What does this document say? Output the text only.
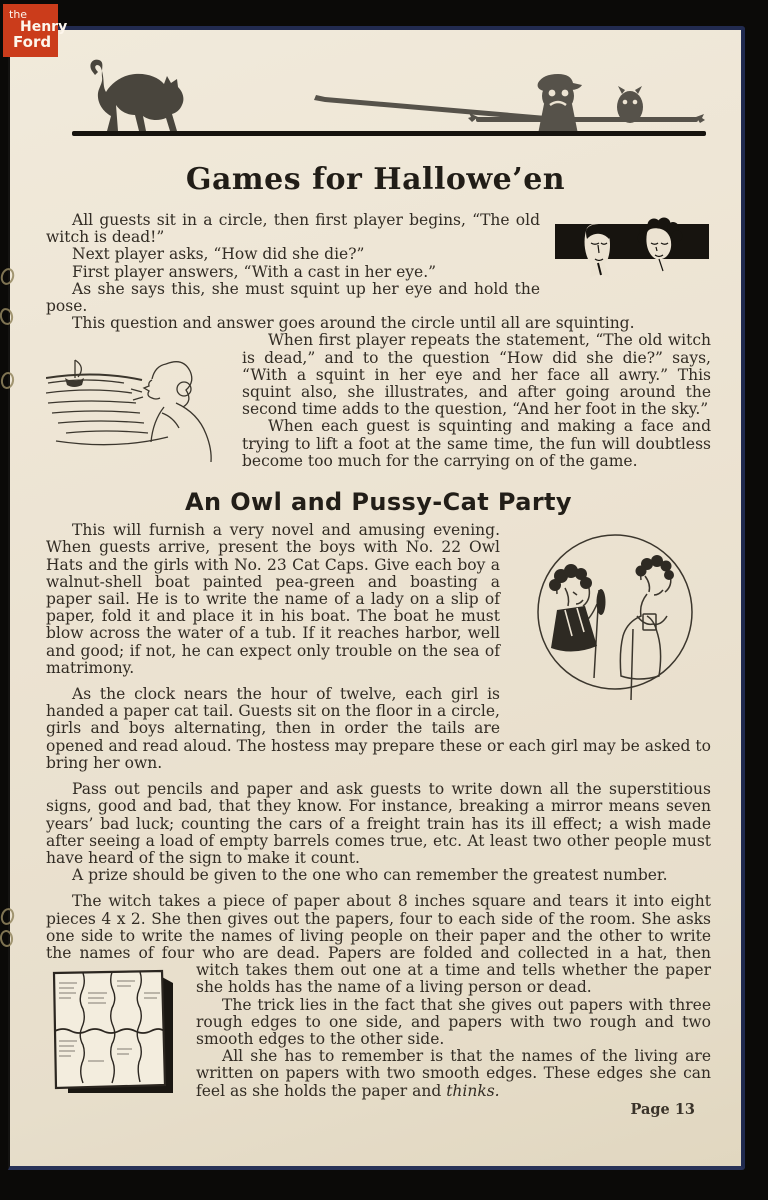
Games for Hallowe’en

All guests sit in a circle, then first player begins, “The old witch is dead!”

Next player asks, “How did she die?”

First player answers, “With a cast in her eye.”

As she says this, she must squint up her eye and hold the pose.

This question and answer goes around the circle until all are squinting.

When first player repeats the statement, “The old witch is dead,” and to the question “How did she die?” says, “With a squint in her eye and her face all awry.” This squint also, she illustrates, and after going around the second time adds to the question, “And her foot in the sky.”

When each guest is squinting and making a face and trying to lift a foot at the same time, the fun will doubtless become too much for the carrying on of the game.

An Owl and Pussy-Cat Party

This will furnish a very novel and amusing evening. When guests arrive, present the boys with No. 22 Owl Hats and the girls with No. 23 Cat Caps. Give each boy a walnut-shell boat painted pea-green and boasting a paper sail. He is to write the name of a lady on a slip of paper, fold it and place it in his boat. The boat he must blow across the water of a tub. If it reaches harbor, well and good; if not, he can expect only trouble on the sea of matrimony.

As the clock nears the hour of twelve, each girl is handed a paper cat tail. Guests sit on the floor in a circle, girls and boys alternating, then in order the tails are opened and read aloud. The hostess may prepare these or each girl may be asked to bring her own.

Pass out pencils and paper and ask guests to write down all the superstitious signs, good and bad, that they know. For instance, breaking a mirror means seven years’ bad luck; counting the cars of a freight train has its ill effect; a wish made after seeing a load of empty barrels comes true, etc. At least two other people must have heard of the sign to make it count.

A prize should be given to the one who can remember the greatest number.

The witch takes a piece of paper about 8 inches square and tears it into eight pieces 4 x 2. She then gives out the papers, four to each side of the room. She asks one side to write the names of living people on their paper and the other to write the names of four who are dead. Papers are folded and collected in a hat, then witch takes them out one at a time and tells whether the paper she holds has the name of a living person or dead.

The trick lies in the fact that she gives out papers with three rough edges to one side, and papers with two rough and two smooth edges to the other side.

All she has to remember is that the names of the living are written on papers with two smooth edges. These edges she can feel as she holds the paper and thinks.

Page 13
the
Henry
Ford
